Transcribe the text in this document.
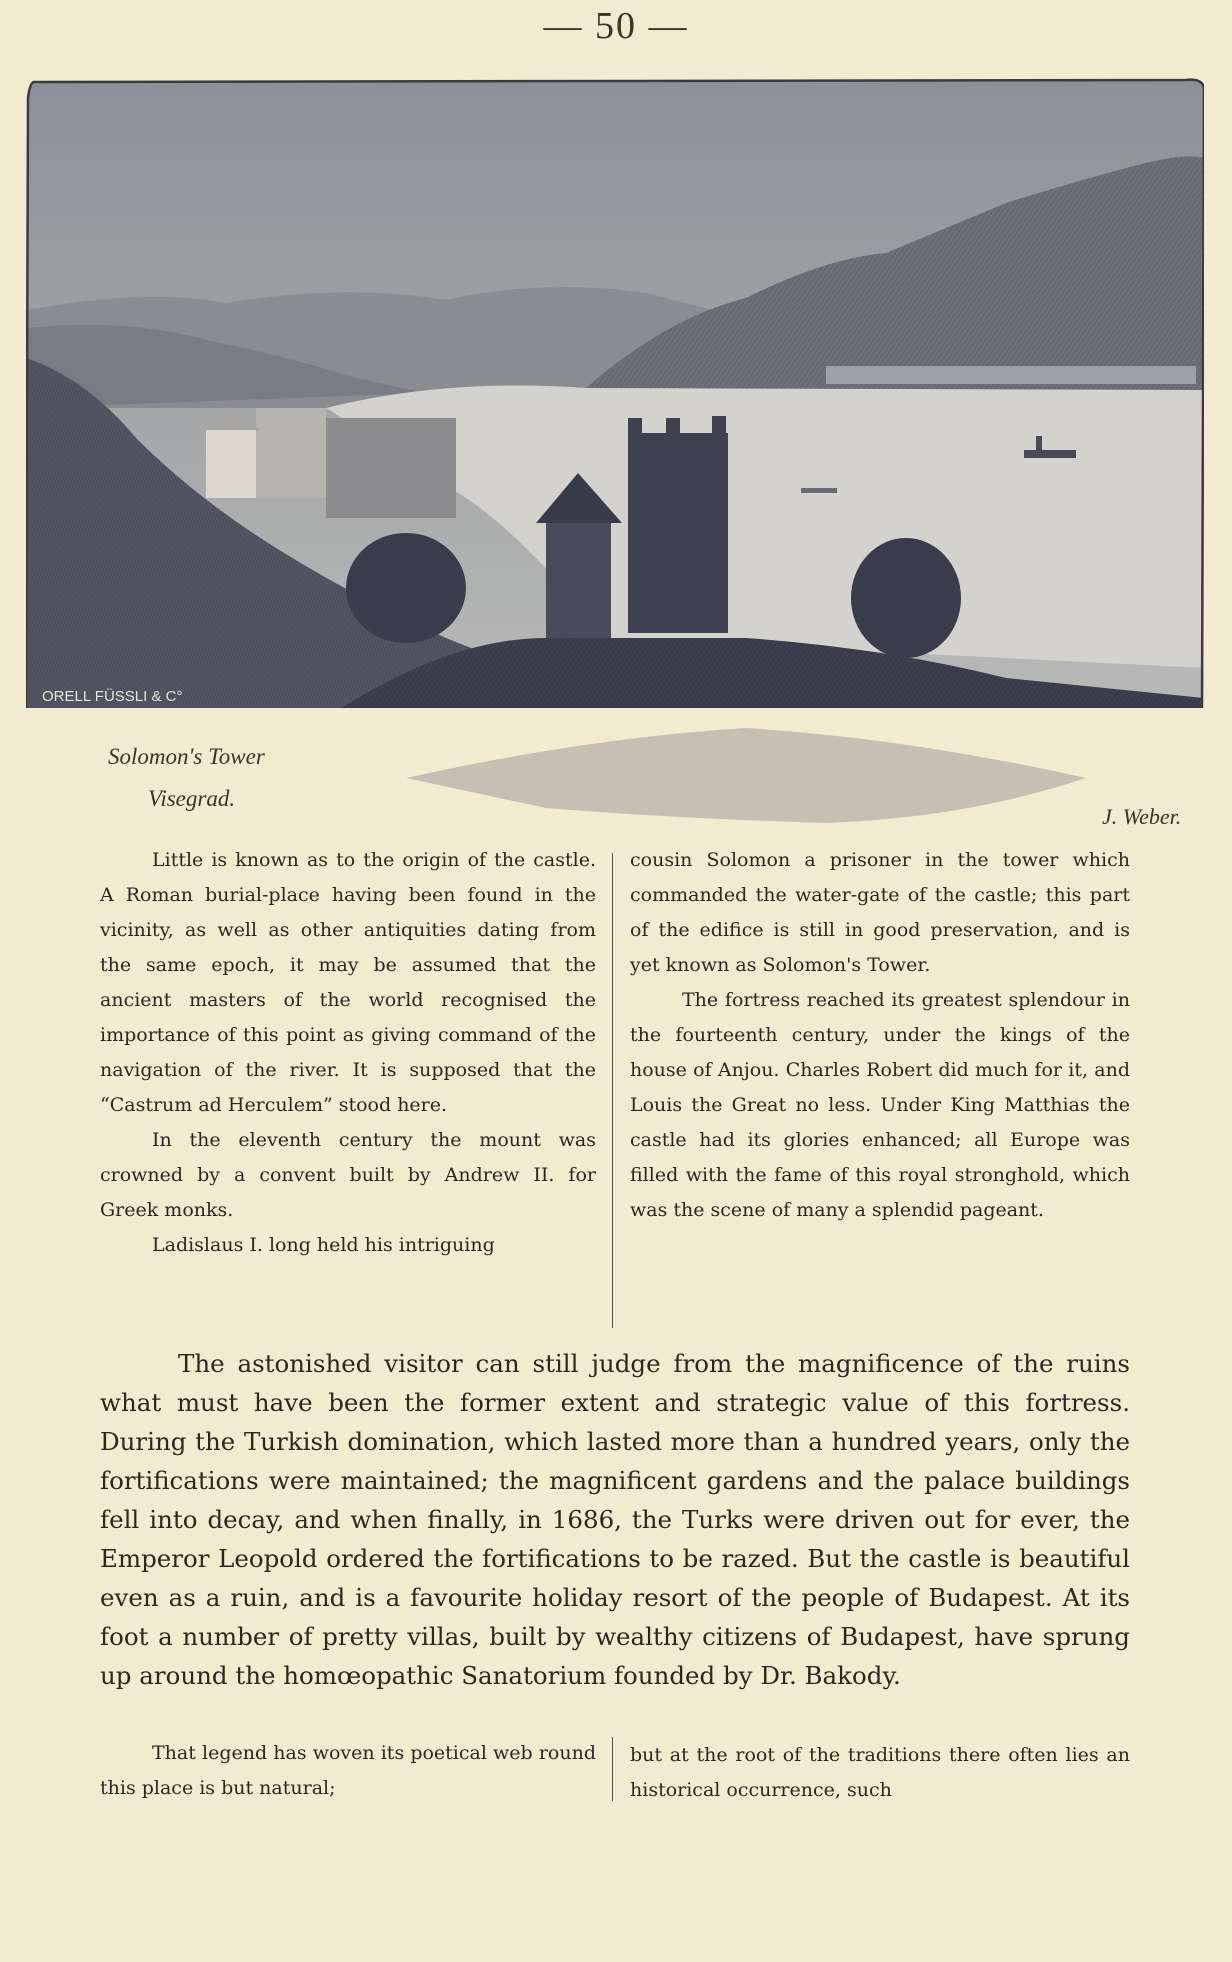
— 50 —
ORELL FÜSSLI & C°
Solomon's Tower
Visegrad.
J. Weber.

Little is known as to the origin of the castle. A Roman burial-place having been found in the vicinity, as well as other antiquities dating from the same epoch, it may be assumed that the ancient masters of the world recognised the importance of this point as giving command of the navigation of the river. It is supposed that the “Castrum ad Herculem” stood here.

In the eleventh century the mount was crowned by a convent built by Andrew II. for Greek monks.

Ladislaus I. long held his intriguing

cousin Solomon a prisoner in the tower which commanded the water-gate of the castle; this part of the edifice is still in good preservation, and is yet known as Solomon's Tower.

The fortress reached its greatest splendour in the fourteenth century, under the kings of the house of Anjou. Charles Robert did much for it, and Louis the Great no less. Under King Matthias the castle had its glories enhanced; all Europe was filled with the fame of this royal stronghold, which was the scene of many a splendid pageant.

The astonished visitor can still judge from the magnificence of the ruins what must have been the former extent and strategic value of this fortress. During the Turkish domination, which lasted more than a hundred years, only the fortifications were maintained; the magnificent gardens and the palace buildings fell into decay, and when finally, in 1686, the Turks were driven out for ever, the Emperor Leopold ordered the fortifications to be razed. But the castle is beautiful even as a ruin, and is a favourite holiday resort of the people of Budapest. At its foot a number of pretty villas, built by wealthy citizens of Budapest, have sprung up around the homœopathic Sanatorium founded by Dr. Bakody.

That legend has woven its poetical web round this place is but natural;

but at the root of the traditions there often lies an historical occurrence, such
